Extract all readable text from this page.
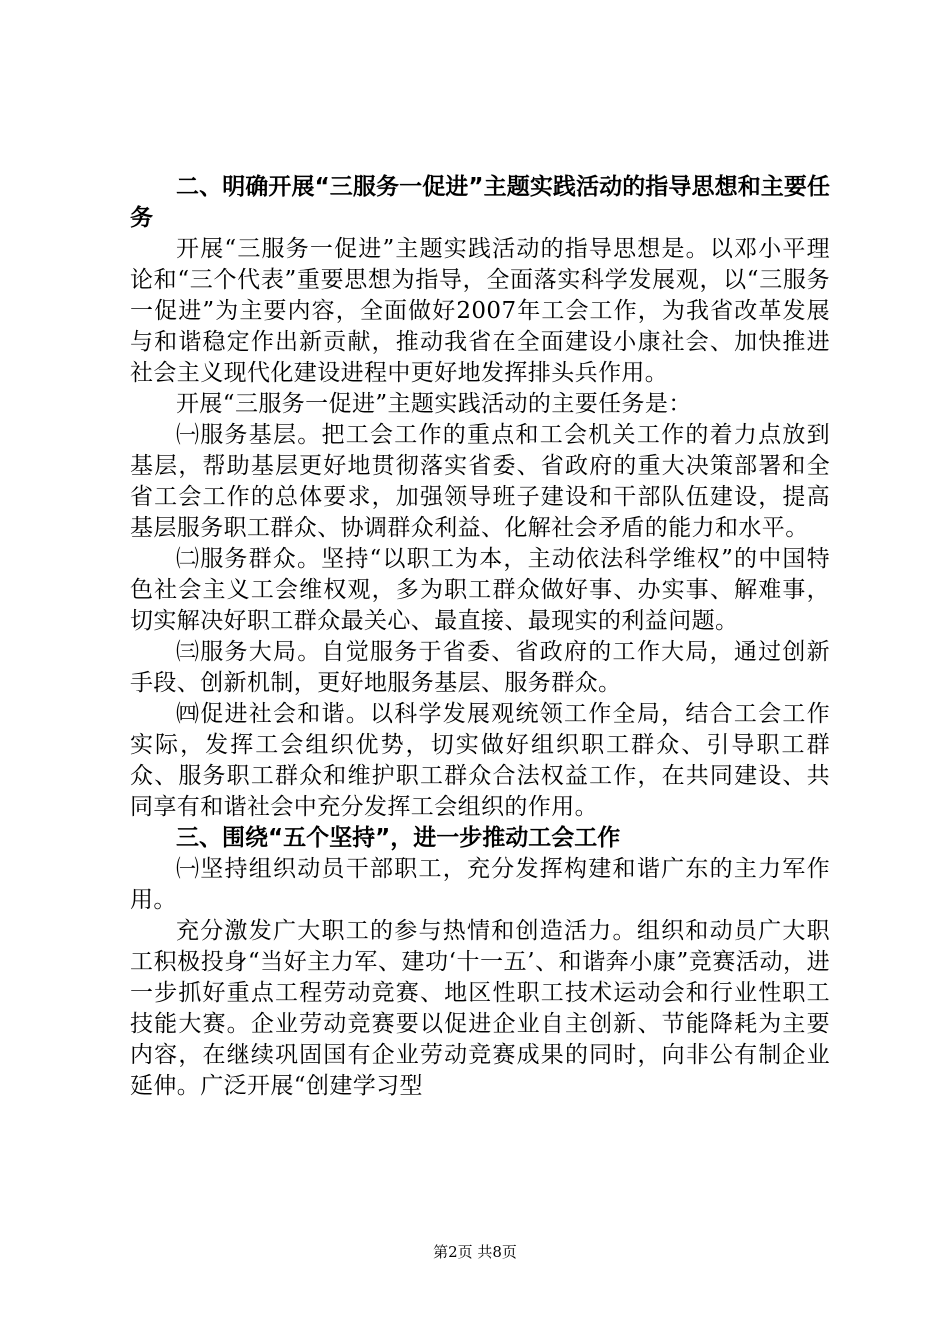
二、明确开展“三服务一促进”主题实践活动的指导思想和主要任务

开展“三服务一促进”主题实践活动的指导思想是。以邓小平理论和“三个代表”重要思想为指导，全面落实科学发展观，以“三服务一促进”为主要内容，全面做好2007年工会工作，为我省改革发展与和谐稳定作出新贡献，推动我省在全面建设小康社会、加快推进社会主义现代化建设进程中更好地发挥排头兵作用。

开展“三服务一促进”主题实践活动的主要任务是：

㈠服务基层。把工会工作的重点和工会机关工作的着力点放到基层，帮助基层更好地贯彻落实省委、省政府的重大决策部署和全省工会工作的总体要求，加强领导班子建设和干部队伍建设，提高基层服务职工群众、协调群众利益、化解社会矛盾的能力和水平。

㈡服务群众。坚持“以职工为本，主动依法科学维权”的中国特色社会主义工会维权观，多为职工群众做好事、办实事、解难事，切实解决好职工群众最关心、最直接、最现实的利益问题。

㈢服务大局。自觉服务于省委、省政府的工作大局，通过创新手段、创新机制，更好地服务基层、服务群众。

㈣促进社会和谐。以科学发展观统领工作全局，结合工会工作实际，发挥工会组织优势，切实做好组织职工群众、引导职工群众、服务职工群众和维护职工群众合法权益工作，在共同建设、共同享有和谐社会中充分发挥工会组织的作用。

三、围绕“五个坚持”，进一步推动工会工作

㈠坚持组织动员干部职工，充分发挥构建和谐广东的主力军作用。

充分激发广大职工的参与热情和创造活力。组织和动员广大职工积极投身“当好主力军、建功‘十一五’、和谐奔小康”竞赛活动，进一步抓好重点工程劳动竞赛、地区性职工技术运动会和行业性职工技能大赛。企业劳动竞赛要以促进企业自主创新、节能降耗为主要内容，在继续巩固国有企业劳动竞赛成果的同时，向非公有制企业延伸。广泛开展“创建学习型

第2页 共8页
